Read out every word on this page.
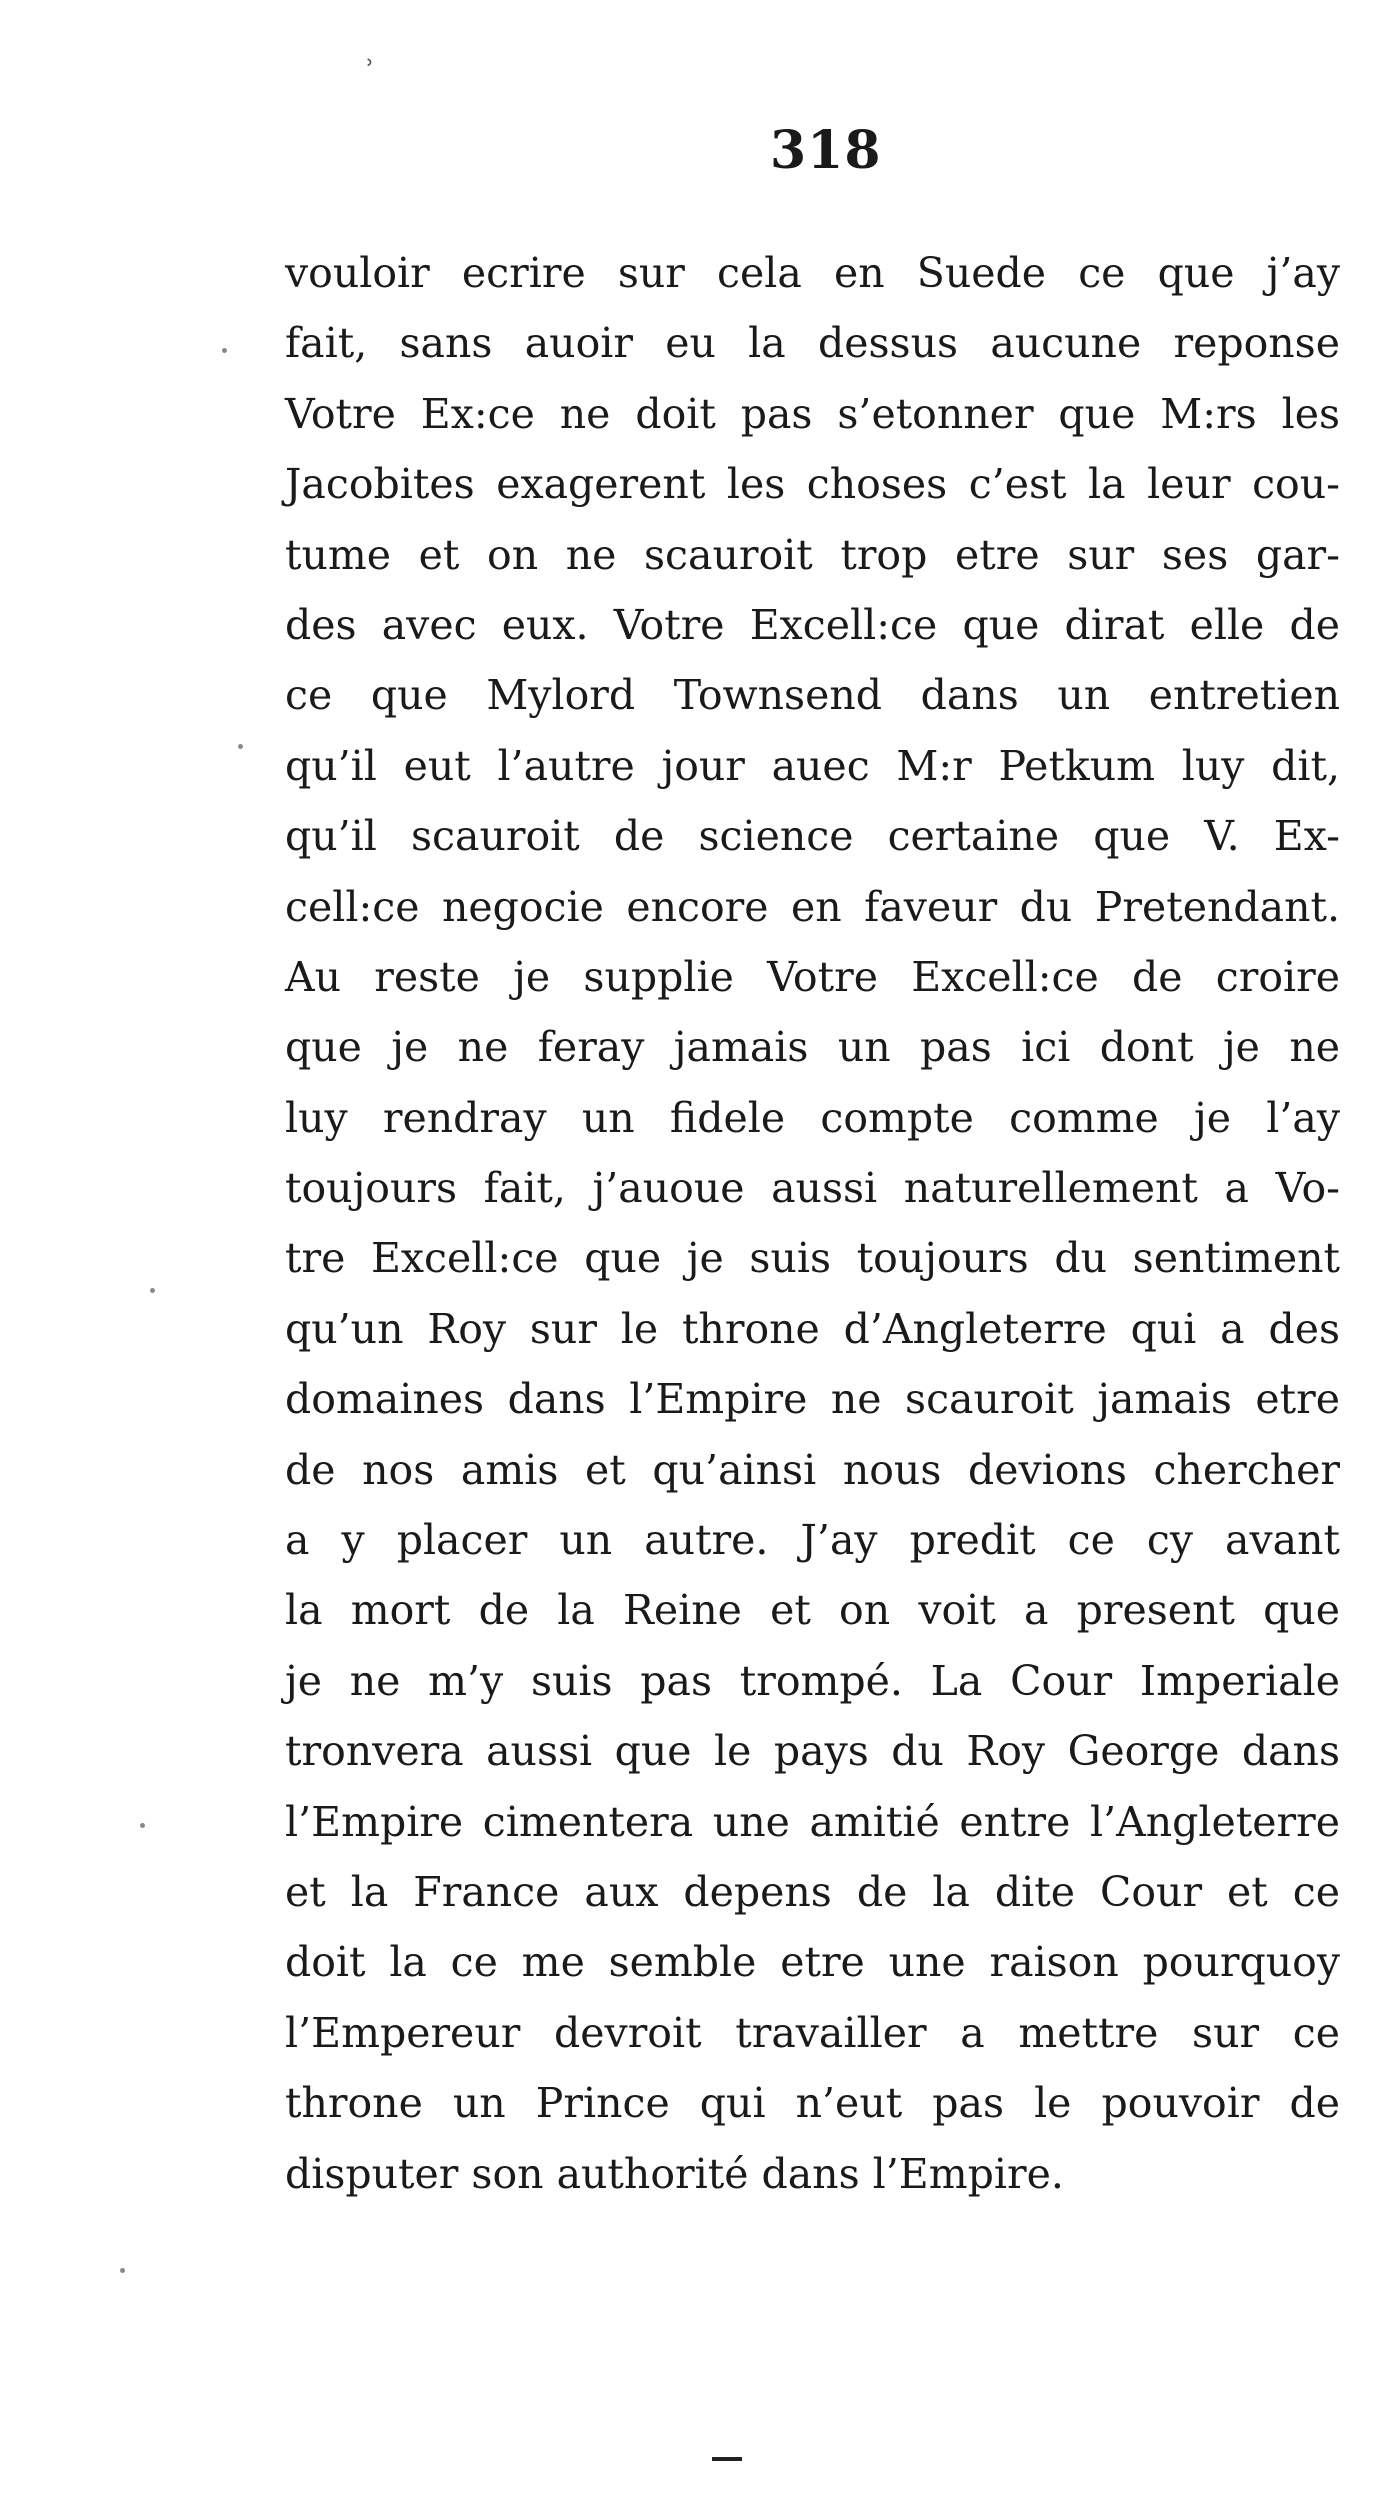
ʾ
318
vouloir ecrire sur cela en Suede ce que j’ay
fait, sans auoir eu la dessus aucune reponse
Votre Ex:ce ne doit pas s’etonner que M:rs les
Jacobites exagerent les choses c’est la leur cou-
tume et on ne scauroit trop etre sur ses gar-
des avec eux. Votre Excell:ce que dirat elle de
ce que Mylord Townsend dans un entretien
qu’il eut l’autre jour auec M:r Petkum luy dit,
qu’il scauroit de science certaine que V. Ex-
cell:ce negocie encore en faveur du Pretendant.
Au reste je supplie Votre Excell:ce de croire
que je ne feray jamais un pas ici dont je ne
luy rendray un fidele compte comme je l’ay
toujours fait, j’auoue aussi naturellement a Vo-
tre Excell:ce que je suis toujours du sentiment
qu’un Roy sur le throne d’Angleterre qui a des
domaines dans l’Empire ne scauroit jamais etre
de nos amis et qu’ainsi nous devions chercher
a y placer un autre. J’ay predit ce cy avant
la mort de la Reine et on voit a present que
je ne m’y suis pas trompé. La Cour Imperiale
tronvera aussi que le pays du Roy George dans
l’Empire cimentera une amitié entre l’Angleterre
et la France aux depens de la dite Cour et ce
doit la ce me semble etre une raison pourquoy
l’Empereur devroit travailler a mettre sur ce
throne un Prince qui n’eut pas le pouvoir de
disputer son authorité dans l’Empire.
